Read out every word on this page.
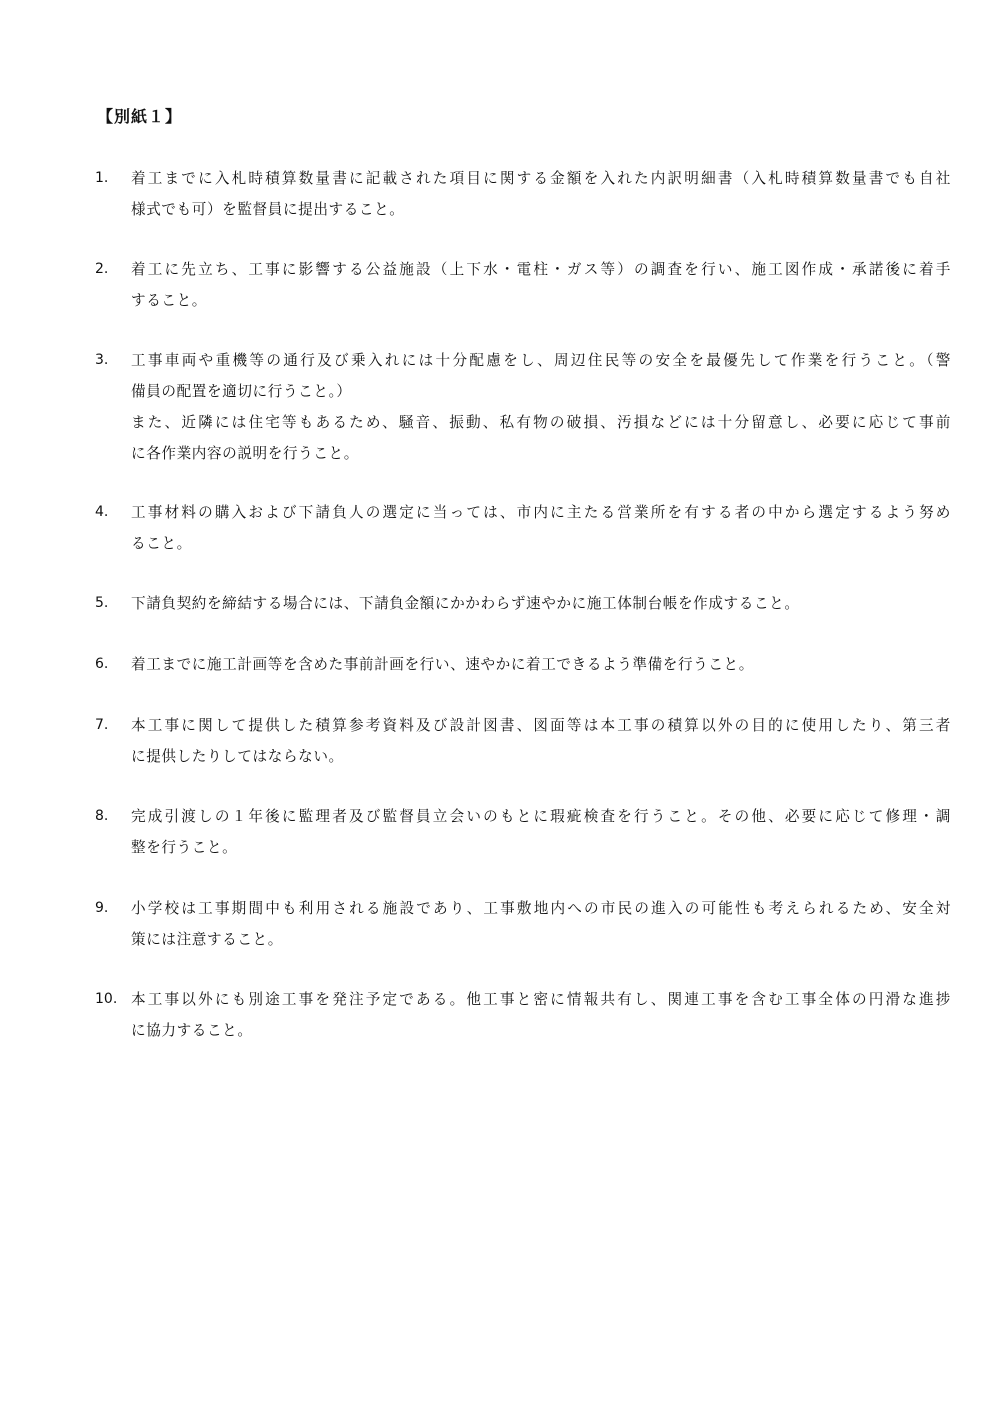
【別紙１】
1. 着工までに入札時積算数量書に記載された項目に関する金額を入れた内訳明細書（入札時積算数量書でも自社
様式でも可）を監督員に提出すること。
2. 着工に先立ち、工事に影響する公益施設（上下水・電柱・ガス等）の調査を行い、施工図作成・承諾後に着手
すること。
3. 工事車両や重機等の通行及び乗入れには十分配慮をし、周辺住民等の安全を最優先して作業を行うこと。（警
備員の配置を適切に行うこと。）
また、近隣には住宅等もあるため、騒音、振動、私有物の破損、汚損などには十分留意し、必要に応じて事前
に各作業内容の説明を行うこと。
4. 工事材料の購入および下請負人の選定に当っては、市内に主たる営業所を有する者の中から選定するよう努め
ること。
5. 下請負契約を締結する場合には、下請負金額にかかわらず速やかに施工体制台帳を作成すること。
6. 着工までに施工計画等を含めた事前計画を行い、速やかに着工できるよう準備を行うこと。
7. 本工事に関して提供した積算参考資料及び設計図書、図面等は本工事の積算以外の目的に使用したり、第三者
に提供したりしてはならない。
8. 完成引渡しの１年後に監理者及び監督員立会いのもとに瑕疵検査を行うこと。その他、必要に応じて修理・調
整を行うこと。
9. 小学校は工事期間中も利用される施設であり、工事敷地内への市民の進入の可能性も考えられるため、安全対
策には注意すること。
10. 本工事以外にも別途工事を発注予定である。他工事と密に情報共有し、関連工事を含む工事全体の円滑な進捗
に協力すること。
